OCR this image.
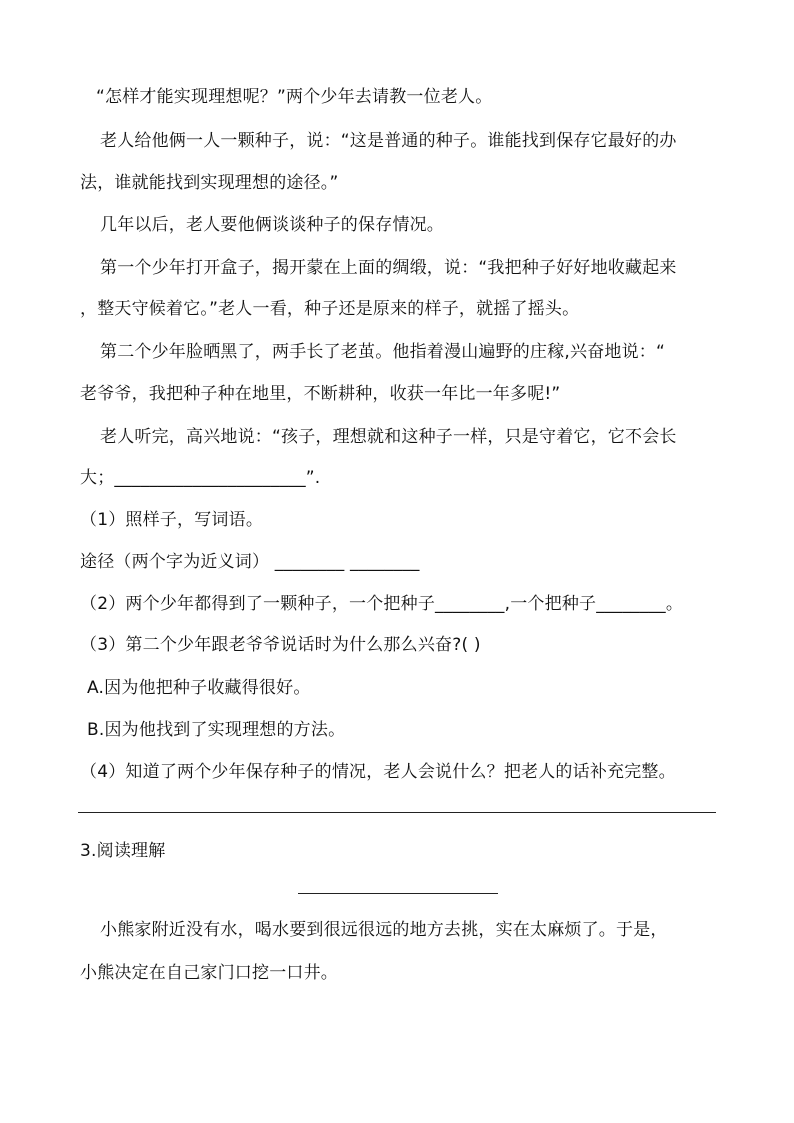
“怎样才能实现理想呢？”两个少年去请教一位老人。
老人给他俩一人一颗种子，说：“这是普通的种子。谁能找到保存它最好的办
法，谁就能找到实现理想的途径。”
几年以后，老人要他俩谈谈种子的保存情况。
第一个少年打开盒子，揭开蒙在上面的绸缎，说：“我把种子好好地收藏起来
，整天守候着它。”老人一看，种子还是原来的样子，就摇了摇头。
第二个少年脸晒黑了，两手长了老茧。他指着漫山遍野的庄稼,兴奋地说：“
老爷爷，我把种子种在地里，不断耕种，收获一年比一年多呢!”
老人听完，高兴地说：“孩子，理想就和这种子一样，只是守着它，它不会长
大；______________________”.
（1）照样子，写词语。
途径（两个字为近义词） ________ ________
（2）两个少年都得到了一颗种子，一个把种子________,一个把种子________。
（3）第二个少年跟老爷爷说话时为什么那么兴奋?( )
A.因为他把种子收藏得很好。
B.因为他找到了实现理想的方法。
（4）知道了两个少年保存种子的情况，老人会说什么？把老人的话补充完整。
3.阅读理解
小熊家附近没有水，喝水要到很远很远的地方去挑，实在太麻烦了。于是，
小熊决定在自己家门口挖一口井。
